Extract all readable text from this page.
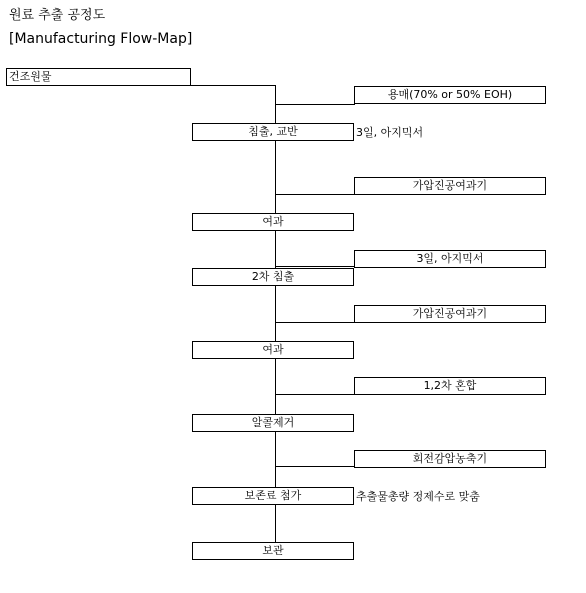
원료 추출 공정도
[Manufacturing Flow-Map]
건조원물
침출, 교반
여과
2차 침출
여과
알콜제거
보존료 첨가
보관
용매(70% or 50% EOH)
가압진공여과기
3일, 아지믹서
가압진공여과기
1,2차 혼합
회전감압농축기
3일, 아지믹서
추출물총량 정제수로 맞춤
